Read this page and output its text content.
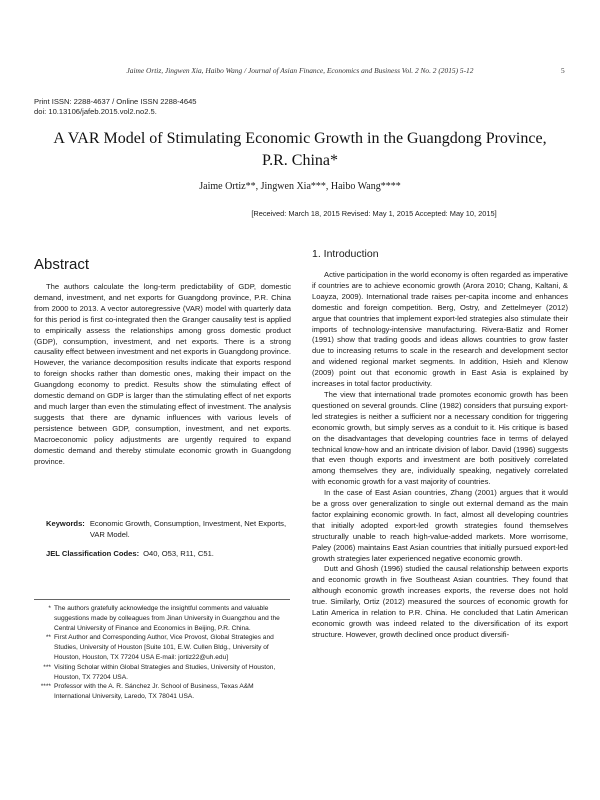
Jaime Ortiz, Jingwen Xia, Haibo Wang / Journal of Asian Finance, Economics and Business Vol. 2 No. 2 (2015) 5-12	5
Print ISSN: 2288-4637 / Online ISSN 2288-4645
doi: 10.13106/jafeb.2015.vol2.no2.5.
A VAR Model of Stimulating Economic Growth in the Guangdong Province,
P.R. China*
Jaime Ortiz**, Jingwen Xia***, Haibo Wang****
[Received: March 18, 2015 Revised: May 1, 2015 Accepted: May 10, 2015]
Abstract

The authors calculate the long-term predictability of GDP, domestic demand, investment, and net exports for Guangdong province, P.R. China from 2000 to 2013. A vector autoregressive (VAR) model with quarterly data for this period is first co-integrated then the Granger causality test is applied to empirically assess the relationships among gross domestic product (GDP), consumption, investment, and net exports. There is a strong causality effect between investment and net exports in Guangdong province. However, the variance decomposition results indicate that exports respond to foreign shocks rather than domestic ones, making their impact on the Guangdong economy to predict. Results show the stimulating effect of domestic demand on GDP is larger than the stimulating effect of net exports and much larger than even the stimulating effect of investment. The analysis suggests that there are dynamic influences with various levels of persistence between GDP, consumption, investment, and net exports. Macroeconomic policy adjustments are urgently required to expand domestic demand and thereby stimulate economic growth in Guangdong province.

Keywords: Economic Growth, Consumption, Investment, Net Exports, VAR Model.
JEL Classification Codes: O40, O53, R11, C51.
* The authors gratefully acknowledge the insightful comments and valuable suggestions made by colleagues from Jinan University in Guangzhou and the Central University of Finance and Economics in Beijing, P.R. China.
** First Author and Corresponding Author, Vice Provost, Global Strategies and Studies, University of Houston [Suite 101, E.W. Cullen Bldg., University of Houston, Houston, TX 77204 USA E-mail: jortiz22@uh.edu]
*** Visiting Scholar within Global Strategies and Studies, University of Houston, Houston, TX 77204 USA.
**** Professor with the A. R. Sánchez Jr. School of Business, Texas A&M International University, Laredo, TX 78041 USA.
1. Introduction

Active participation in the world economy is often regarded as imperative if countries are to achieve economic growth (Arora 2010; Chang, Kaltani, & Loayza, 2009). International trade raises per-capita income and enhances domestic and foreign competition. Berg, Ostry, and Zettelmeyer (2012) argue that countries that implement export-led strategies also stimulate their imports of technology-intensive manufacturing. Rivera-Batiz and Romer (1991) show that trading goods and ideas allows countries to grow faster due to increasing returns to scale in the research and development sector and widened regional market segments. In addition, Hsieh and Klenow (2009) point out that economic growth in East Asia is explained by increases in total factor productivity.

The view that international trade promotes economic growth has been questioned on several grounds. Cline (1982) considers that pursuing export-led strategies is neither a sufficient nor a necessary condition for triggering economic growth, but simply serves as a conduit to it. His critique is based on the disadvantages that developing countries face in terms of delayed technical know-how and an intricate division of labor. David (1996) suggests that even though exports and investment are both positively correlated among themselves they are, individually speaking, negatively correlated with economic growth for a vast majority of countries.

In the case of East Asian countries, Zhang (2001) argues that it would be a gross over generalization to single out external demand as the main factor explaining economic growth. In fact, almost all developing countries that initially adopted export-led growth strategies found themselves structurally unable to reach high-value-added markets. More worrisome, Paley (2006) maintains East Asian countries that initially pursued export-led growth strategies later experienced negative economic growth.

Dutt and Ghosh (1996) studied the causal relationship between exports and economic growth in five Southeast Asian countries. They found that although economic growth increases exports, the reverse does not hold true. Similarly, Ortiz (2012) measured the sources of economic growth for Latin America in relation to P.R. China. He concluded that Latin American economic growth was indeed related to the diversification of its export structure. However, growth declined once product diversifi-
